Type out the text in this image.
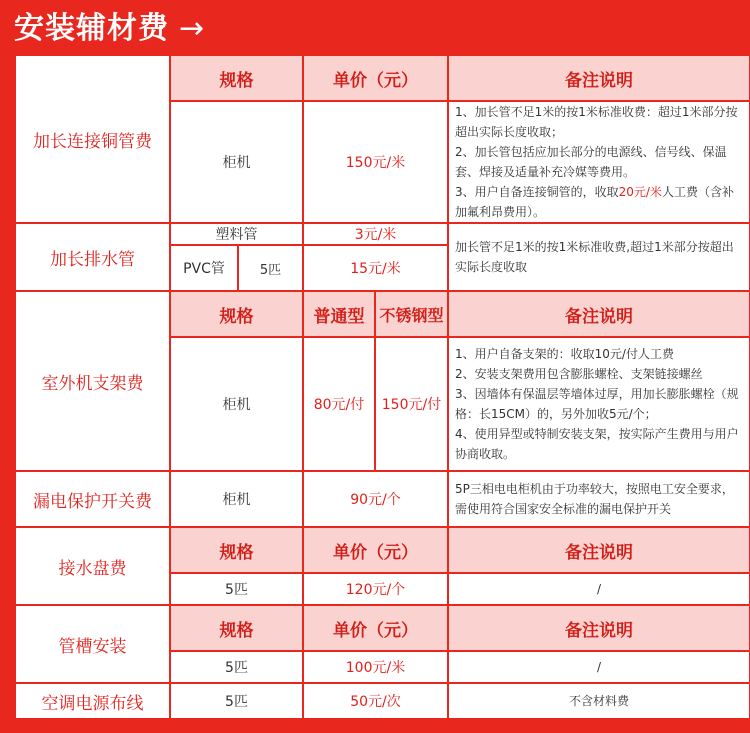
安装辅材费 →
加长连接铜管费	规格		单价（元）		备注说明
	柜机		150元/米		1、加长管不足1米的按1米标准收费：超过1米部分按超出实际长度收取；
2、加长管包括应加长部分的电源线、信号线、保温套、焊接及适量补充冷媒等费用。
3、用户自备连接铜管的，收取20元/米人工费（含补加氟利昂费用）。

加长排水管	塑料管		3元/米		加长管不足1米的按1米标准收费,超过1米部分按超出实际长度收取
	PVC管	5匹	15元/米		
室外机支架费	规格		普通型	不锈钢型	备注说明
	柜机		80元/付	150元/付	1、用户自备支架的：收取10元/付人工费
2、安装支架费用包含膨胀螺栓、支架链接螺丝
3、因墙体有保温层等墙体过厚，用加长膨胀螺栓（规格：长15CM）的，另外加收5元/个；
4、使用异型或特制安装支架，按实际产生费用与用户协商收取。

漏电保护开关费	柜机		90元/个		5P三相电电柜机由于功率较大，按照电工安全要求，需使用符合国家安全标准的漏电保护开关
接水盘费	规格		单价（元）		备注说明
	5匹		120元/个		/
管槽安装	规格		单价（元）		备注说明
	5匹		100元/米		/
空调电源布线	5匹		50元/次		不含材料费
